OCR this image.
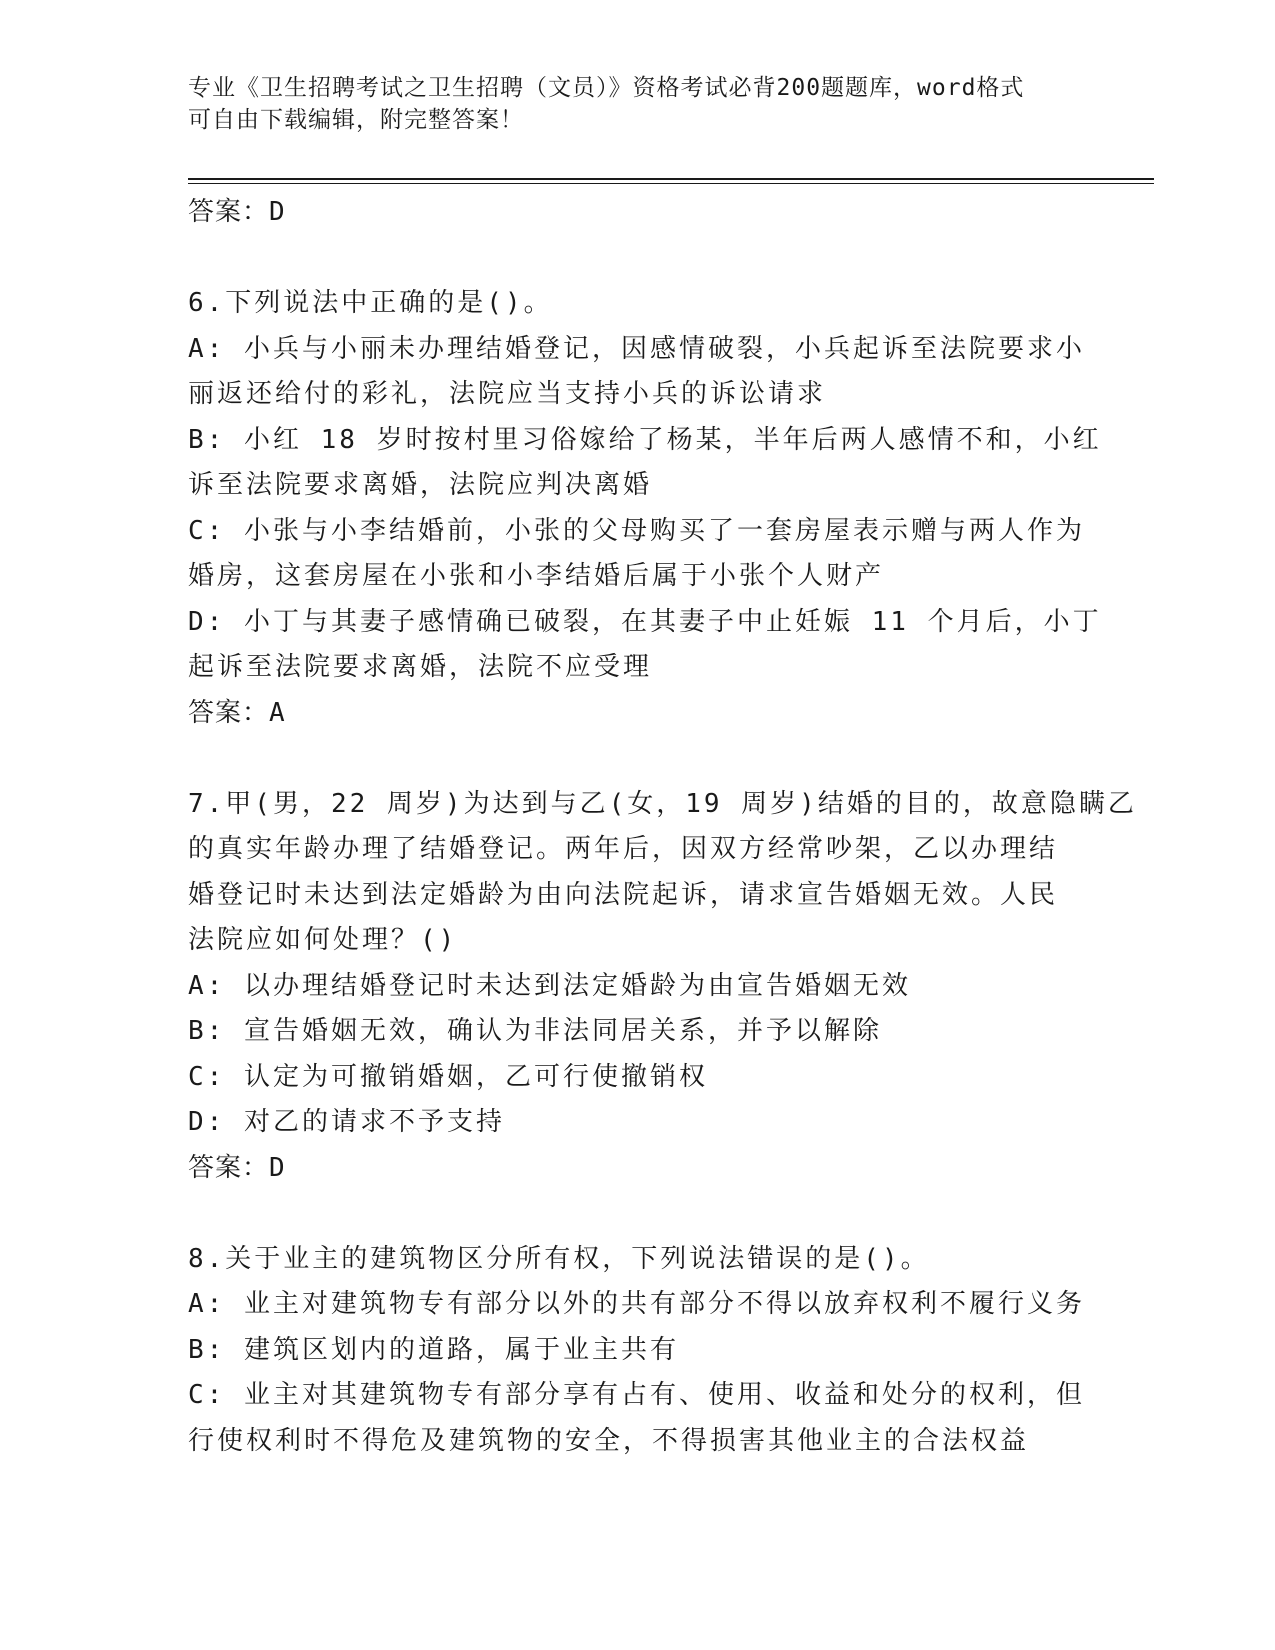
专业《卫生招聘考试之卫生招聘（文员）》资格考试必背200题题库，word格式
可自由下载编辑，附完整答案！
答案：D
6.下列说法中正确的是()。
A: 小兵与小丽未办理结婚登记，因感情破裂，小兵起诉至法院要求小
丽返还给付的彩礼，法院应当支持小兵的诉讼请求
B: 小红 18 岁时按村里习俗嫁给了杨某，半年后两人感情不和，小红
诉至法院要求离婚，法院应判决离婚
C: 小张与小李结婚前，小张的父母购买了一套房屋表示赠与两人作为
婚房，这套房屋在小张和小李结婚后属于小张个人财产
D: 小丁与其妻子感情确已破裂，在其妻子中止妊娠 11 个月后，小丁
起诉至法院要求离婚，法院不应受理
答案：A
7.甲(男，22 周岁)为达到与乙(女，19 周岁)结婚的目的，故意隐瞒乙
的真实年龄办理了结婚登记。两年后，因双方经常吵架，乙以办理结
婚登记时未达到法定婚龄为由向法院起诉，请求宣告婚姻无效。人民
法院应如何处理？()
A: 以办理结婚登记时未达到法定婚龄为由宣告婚姻无效
B: 宣告婚姻无效，确认为非法同居关系，并予以解除
C: 认定为可撤销婚姻，乙可行使撤销权
D: 对乙的请求不予支持
答案：D
8.关于业主的建筑物区分所有权，下列说法错误的是()。
A: 业主对建筑物专有部分以外的共有部分不得以放弃权利不履行义务
B: 建筑区划内的道路，属于业主共有
C: 业主对其建筑物专有部分享有占有、使用、收益和处分的权利，但
行使权利时不得危及建筑物的安全，不得损害其他业主的合法权益
